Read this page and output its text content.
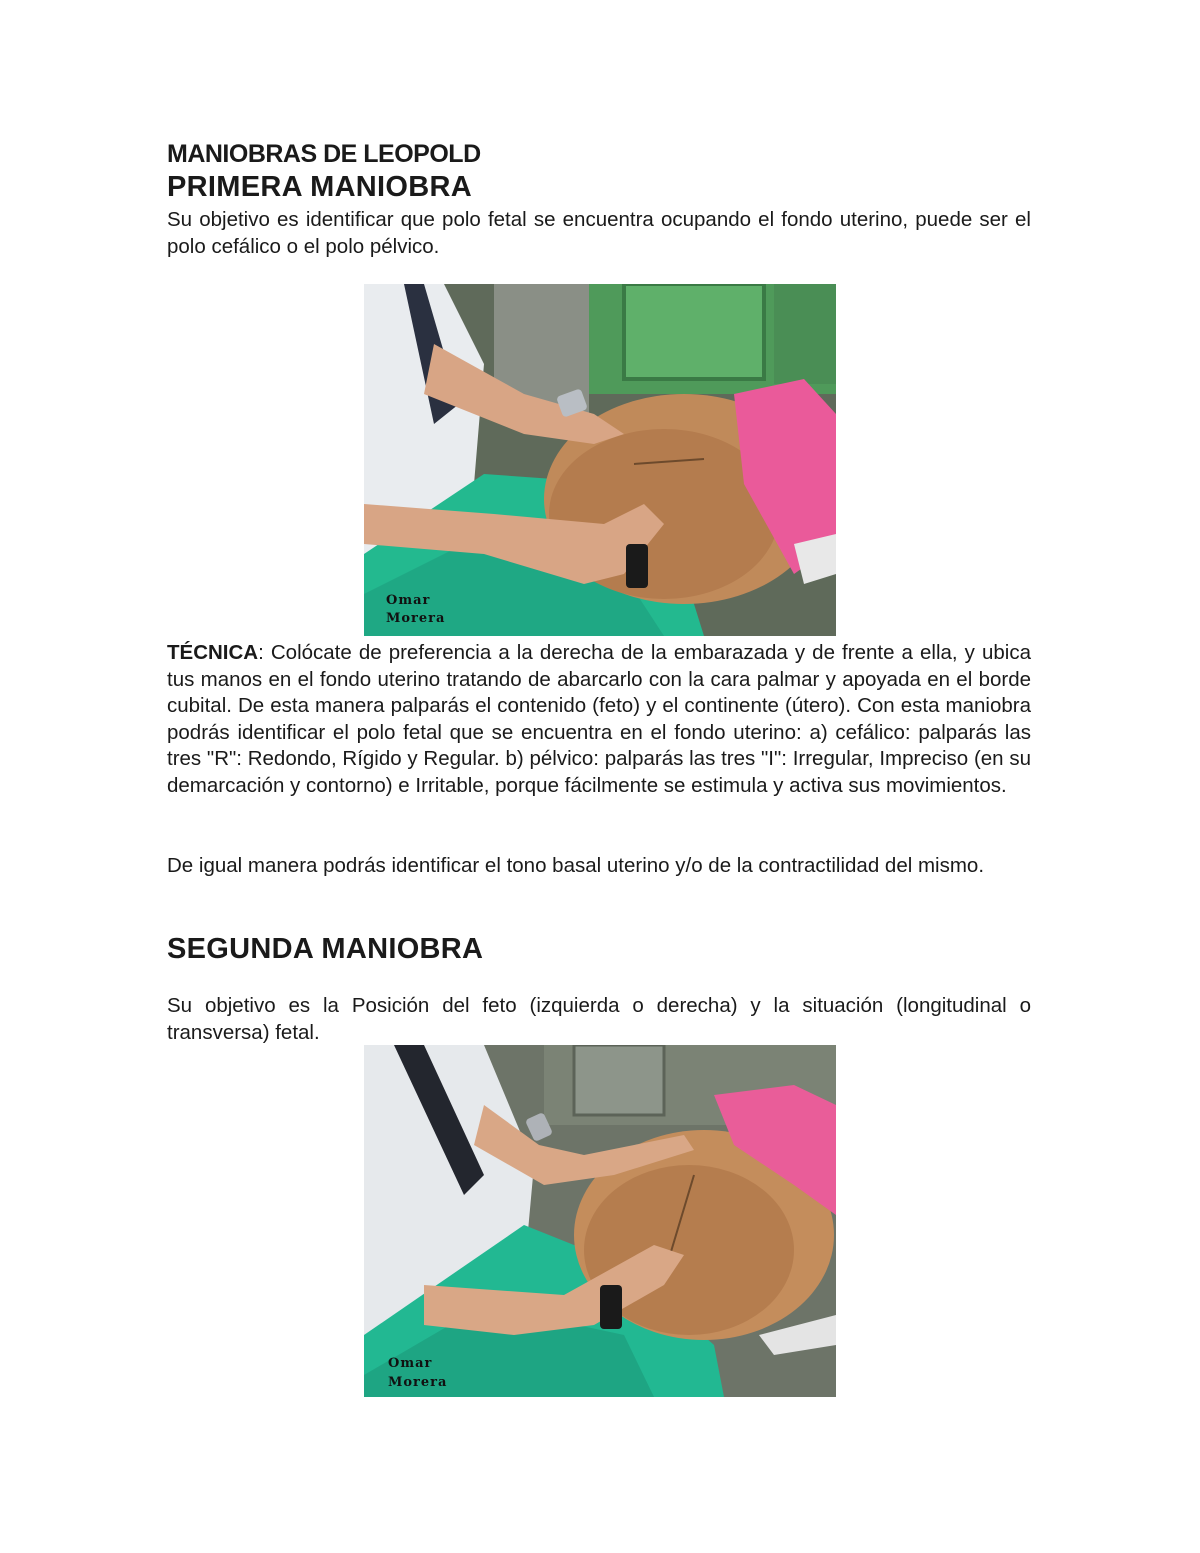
MANIOBRAS DE LEOPOLD
PRIMERA MANIOBRA

Su objetivo es identificar que polo fetal se encuentra ocupando el fondo uterino, puede ser el polo cefálico o el polo pélvico.

Omar
Morera

TÉCNICA: Colócate de preferencia a la derecha de la embarazada y de frente a ella, y ubica tus manos en el fondo uterino tratando de abarcarlo con la cara palmar y apoyada en el borde cubital. De esta manera palparás el contenido (feto) y el continente (útero). Con esta maniobra podrás identificar el polo fetal que se encuentra en el fondo uterino: a) cefálico: palparás las tres "R": Redondo, Rígido y Regular. b) pélvico: palparás las tres "I": Irregular, Impreciso (en su demarcación y contorno) e Irritable, porque fácilmente se estimula y activa sus movimientos.

De igual manera podrás identificar el tono basal uterino y/o de la contractilidad del mismo.

SEGUNDA MANIOBRA

Su objetivo es la Posición del feto (izquierda o derecha) y la situación (longitudinal o transversa) fetal.

Omar
Morera
